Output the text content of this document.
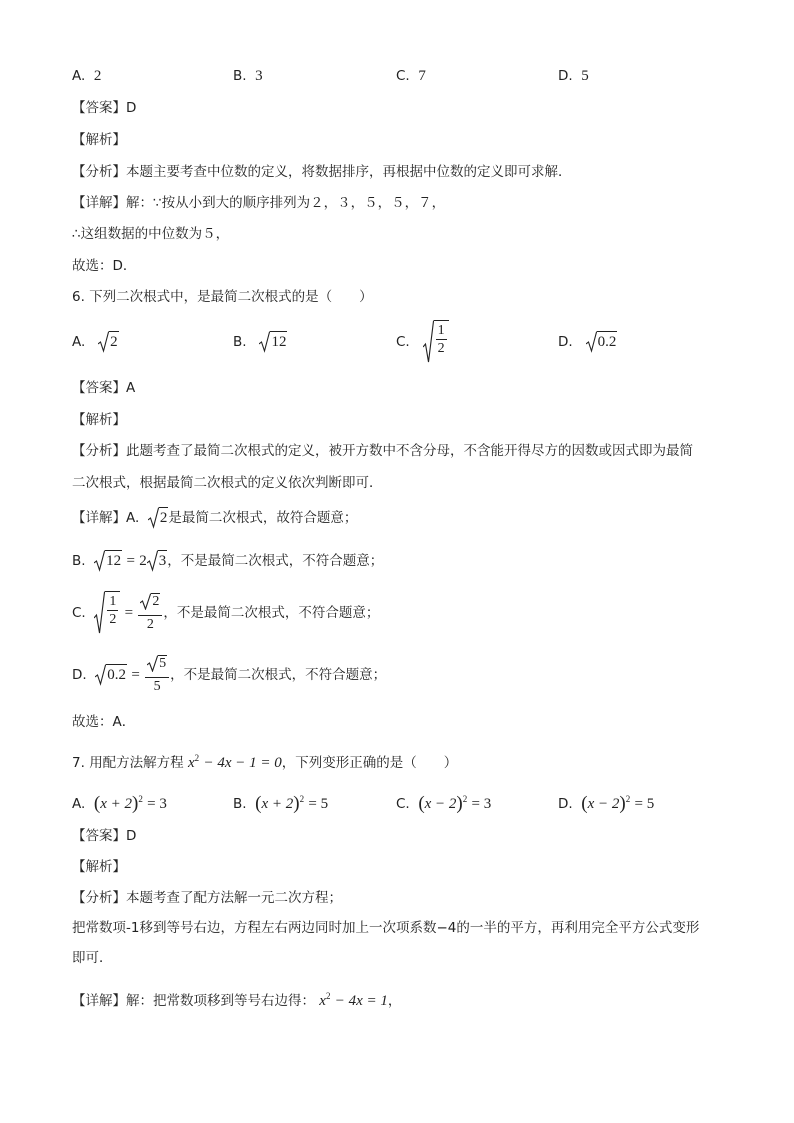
A. 2	B. 3	C. 7	D. 5
【答案】D
【解析】
【分析】本题主要考查中位数的定义，将数据排序，再根据中位数的定义即可求解．
【详解】解：∵按从小到大的顺序排列为２，３，５，５，７，
∴这组数据的中位数为５，
故选：D．
6. 下列二次根式中，是最简二次根式的是（　　）
A. 2	B. 12	C. $\frac{1}{2}$	D. 0.2
【答案】A
【解析】
【分析】此题考查了最简二次根式的定义，被开方数中不含分母，不含能开得尽方的因数或因式即为最简
二次根式，根据最简二次根式的定义依次判断即可．
【详解】A. 2 是最简二次根式，故符合题意；
B. 12 = 2 3 ，不是最简二次根式，不符合题意；
C. $\frac{1}{2} = \frac{2}{2}$ ，不是最简二次根式，不符合题意；
D. $0.2 = \frac{5}{5}$ ，不是最简二次根式，不符合题意；
故选：A．
7. 用配方法解方程 $x^2 - 4x - 1 = 0$，下列变形正确的是（　　）
A. $(x + 2)^2 = 3$	B. $(x + 2)^2 = 5$	C. $(x - 2)^2 = 3$	D. $(x - 2)^2 = 5$
【答案】D
【解析】
【分析】本题考查了配方法解一元二次方程；
把常数项-1移到等号右边，方程左右两边同时加上一次项系数−4的一半的平方，再利用完全平方公式变形
即可．
【详解】解：把常数项移到等号右边得： $x^2 - 4x = 1$，
